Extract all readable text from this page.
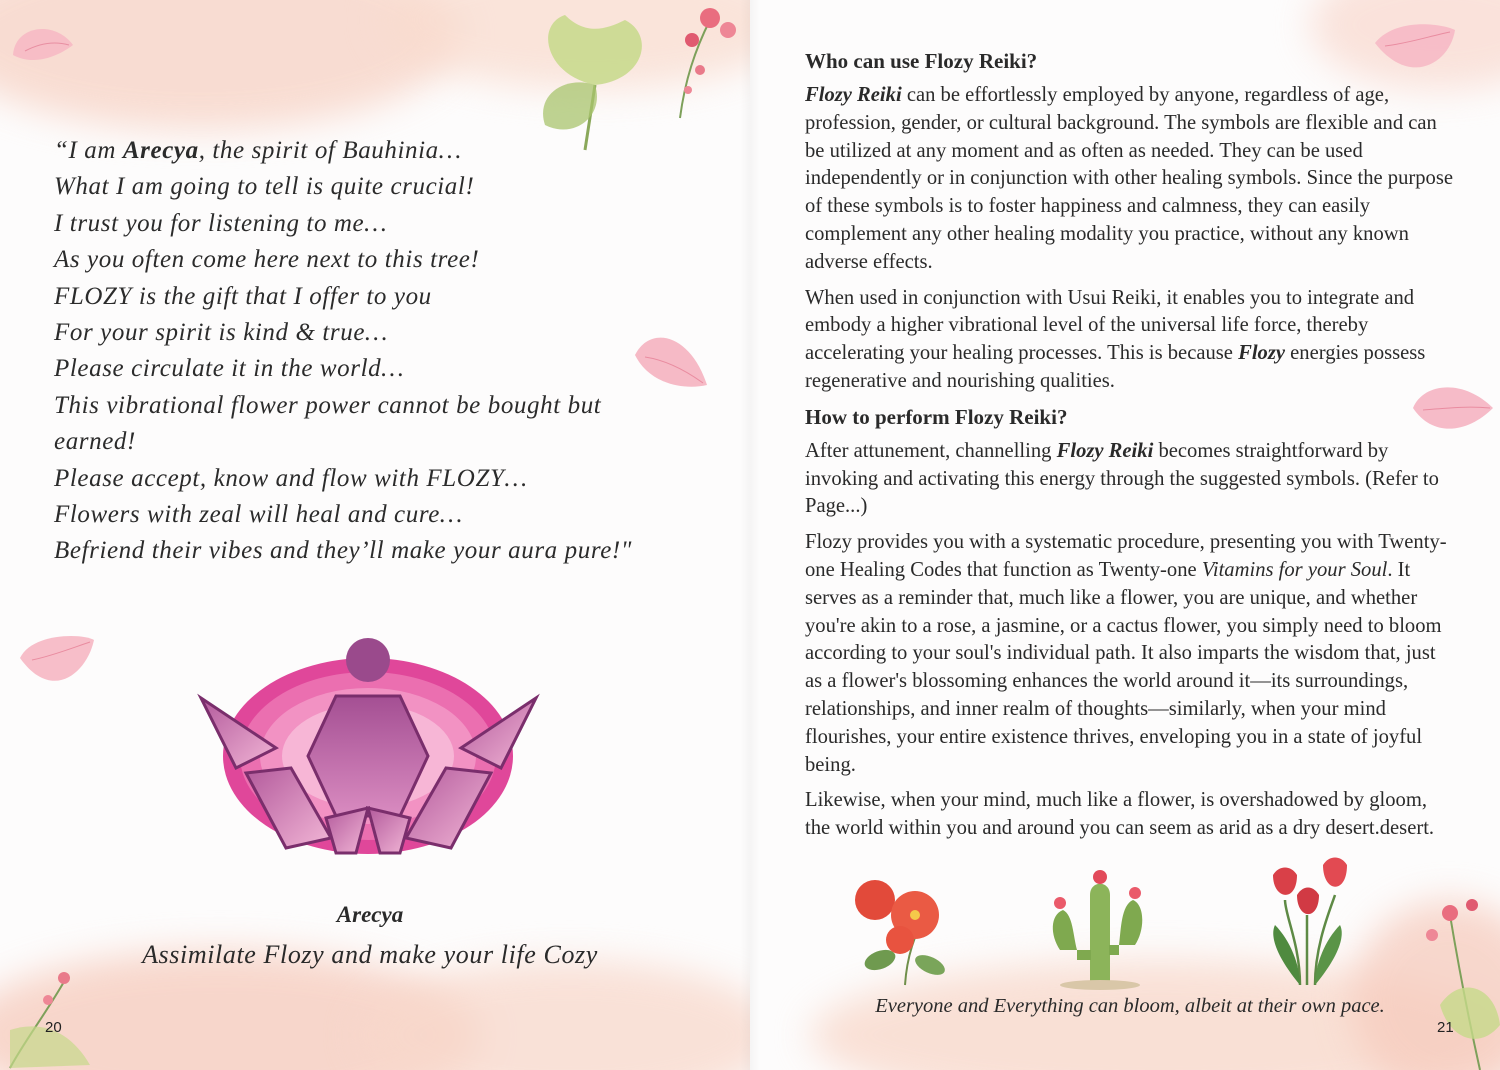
“I am Arecya, the spirit of Bauhinia…
What I am going to tell is quite crucial!
I trust you for listening to me…
As you often come here next to this tree!
FLOZY is the gift that I offer to you
For your spirit is kind & true…
Please circulate it in the world…
This vibrational flower power cannot be bought but
earned!
Please accept, know and flow with FLOZY…
Flowers with zeal will heal and cure…
Befriend their vibes and they’ll make your aura pure!"
Arecya
Assimilate Flozy and make your life Cozy
20
Who can use Flozy Reiki?

Flozy Reiki can be effortlessly employed by anyone, regardless of age, profession, gender, or cultural background. The symbols are flexible and can be utilized at any moment and as often as needed. They can be used independently or in conjunction with other healing symbols. Since the purpose of these symbols is to foster happiness and calmness, they can easily complement any other healing modality you practice, without any known adverse effects.

When used in conjunction with Usui Reiki, it enables you to integrate and embody a higher vibrational level of the universal life force, thereby accelerating your healing processes. This is because Flozy energies possess regenerative and nourishing qualities.

How to perform Flozy Reiki?

After attunement, channelling Flozy Reiki becomes straightforward by invoking and activating this energy through the suggested symbols. (Refer to Page...)

Flozy provides you with a systematic procedure, presenting you with Twenty-one Healing Codes that function as Twenty-one Vitamins for your Soul. It serves as a reminder that, much like a flower, you are unique, and whether you're akin to a rose, a jasmine, or a cactus flower, you simply need to bloom according to your soul's individual path. It also imparts the wisdom that, just as a flower's blossoming enhances the world around it—its surroundings, relationships, and inner realm of thoughts—similarly, when your mind flourishes, your entire existence thrives, enveloping you in a state of joyful being.

Likewise, when your mind, much like a flower, is overshadowed by gloom, the world within you and around you can seem as arid as a dry desert.desert.

Everyone and Everything can bloom, albeit at their own pace.
21
